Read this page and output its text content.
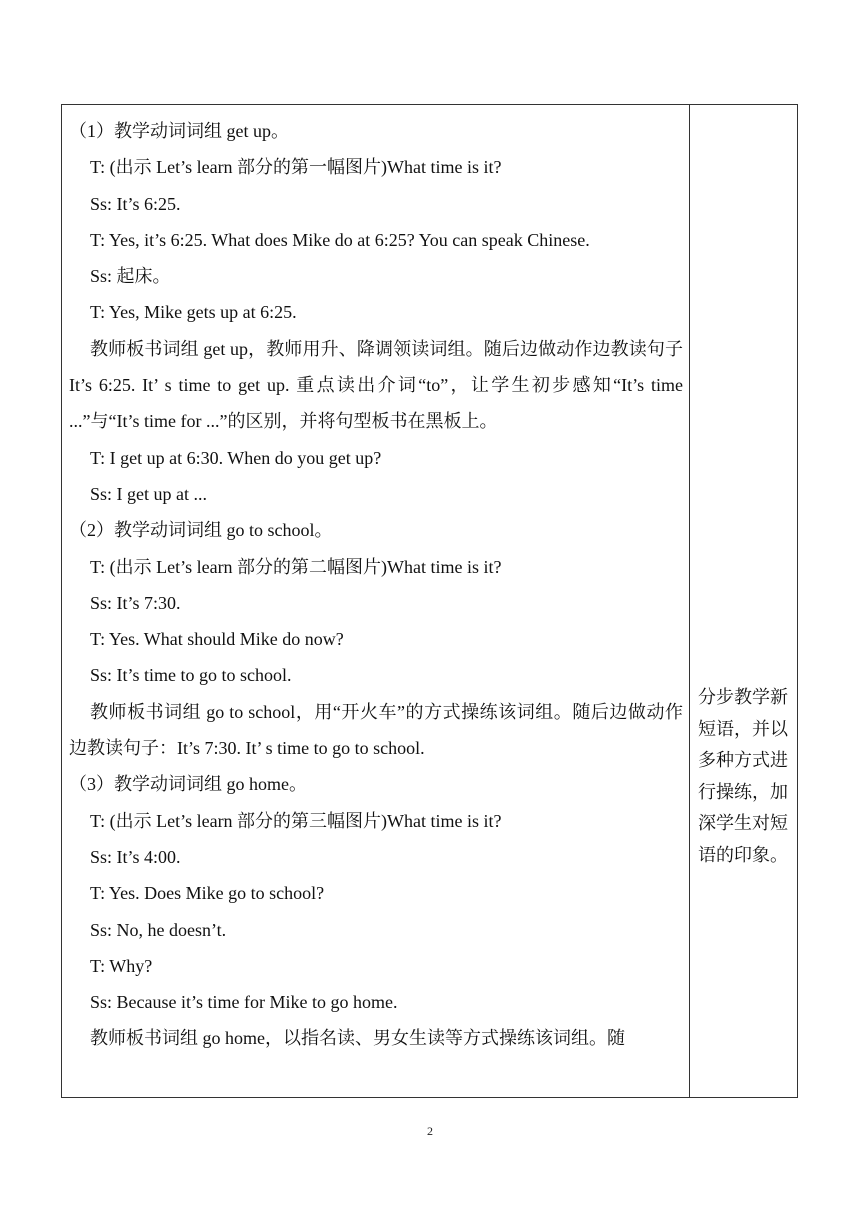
（1）教学动词词组 get up。
T: (出示 Let’s learn 部分的第一幅图片)What time is it?
Ss: It’s 6:25.
T: Yes, it’s 6:25. What does Mike do at 6:25? You can speak Chinese.
Ss: 起床。
T: Yes, Mike gets up at 6:25.

教师板书词组 get up，教师用升、降调领读词组。随后边做动作边教读句子 It’s 6:25. It’ s time to get up. 重点读出介词“to”，让学生初步感知“It’s time ...”与“It’s time for ...”的区别，并将句型板书在黑板上。

T: I get up at 6:30. When do you get up?
Ss: I get up at ...
（2）教学动词词组 go to school。
T: (出示 Let’s learn 部分的第二幅图片)What time is it?
Ss: It’s 7:30.
T: Yes. What should Mike do now?
Ss: It’s time to go to school.

教师板书词组 go to school，用“开火车”的方式操练该词组。随后边做动作边教读句子：It’s 7:30. It’ s time to go to school.

（3）教学动词词组 go home。
T: (出示 Let’s learn 部分的第三幅图片)What time is it?
Ss: It’s 4:00.
T: Yes. Does Mike go to school?
Ss: No, he doesn’t.
T: Why?
Ss: Because it’s time for Mike to go home.
教师板书词组 go home，以指名读、男女生读等方式操练该词组。随
分步教学新短语，并以多种方式进行操练，加深学生对短语的印象。
2
